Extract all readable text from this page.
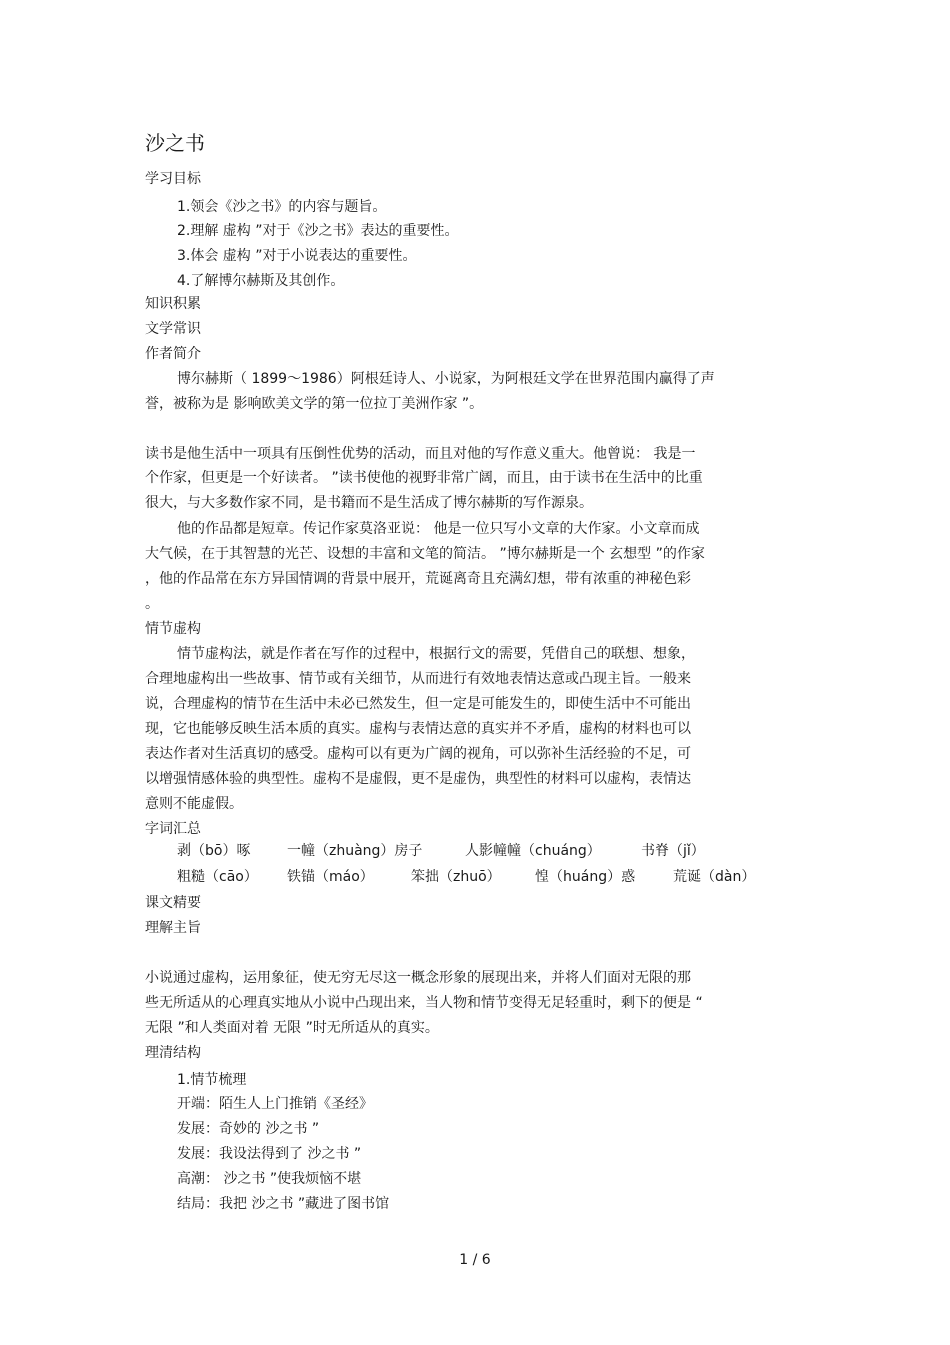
沙之书
学习目标
1.领会《沙之书》的内容与题旨。
2.理解 虚构 ”对于《沙之书》表达的重要性。
3.体会 虚构 ”对于小说表达的重要性。
4.了解博尔赫斯及其创作。
知识积累
文学常识
作者简介
博尔赫斯（ 1899～1986）阿根廷诗人、小说家，为阿根廷文学在世界范围内赢得了声
誉，被称为是 影响欧美文学的第一位拉丁美洲作家 ”。
读书是他生活中一项具有压倒性优势的活动，而且对他的写作意义重大。他曾说： 我是一
个作家，但更是一个好读者。 ”读书使他的视野非常广阔，而且，由于读书在生活中的比重
很大，与大多数作家不同，是书籍而不是生活成了博尔赫斯的写作源泉。
他的作品都是短章。传记作家莫洛亚说： 他是一位只写小文章的大作家。小文章而成
大气候，在于其智慧的光芒、设想的丰富和文笔的简洁。 ”博尔赫斯是一个 玄想型 ”的作家
，他的作品常在东方异国情调的背景中展开，荒诞离奇且充满幻想，带有浓重的神秘色彩
。
情节虚构
情节虚构法，就是作者在写作的过程中，根据行文的需要，凭借自己的联想、想象，
合理地虚构出一些故事、情节或有关细节，从而进行有效地表情达意或凸现主旨。一般来
说，合理虚构的情节在生活中未必已然发生，但一定是可能发生的，即使生活中不可能出
现，它也能够反映生活本质的真实。虚构与表情达意的真实并不矛盾，虚构的材料也可以
表达作者对生活真切的感受。虚构可以有更为广阔的视角，可以弥补生活经验的不足，可
以增强情感体验的典型性。虚构不是虚假，更不是虚伪，典型性的材料可以虚构，表情达
意则不能虚假。
字词汇总
剥（bō）啄	一幢（zhuàng）房子	人影幢幢（chuáng）	书脊（jǐ）
粗糙（cāo） 铁锚（máo）	笨拙（zhuō） 惶（huáng）惑	荒诞（dàn）
课文精要
理解主旨
小说通过虚构，运用象征，使无穷无尽这一概念形象的展现出来，并将人们面对无限的那
些无所适从的心理真实地从小说中凸现出来，当人物和情节变得无足轻重时，剩下的便是 “
无限 ”和人类面对着 无限 ”时无所适从的真实。
理清结构
1.情节梳理
开端：陌生人上门推销《圣经》
发展：奇妙的 沙之书 ”
发展：我设法得到了 沙之书 ”
高潮： 沙之书 ”使我烦恼不堪
结局：我把 沙之书 ”藏进了图书馆
1 / 6
